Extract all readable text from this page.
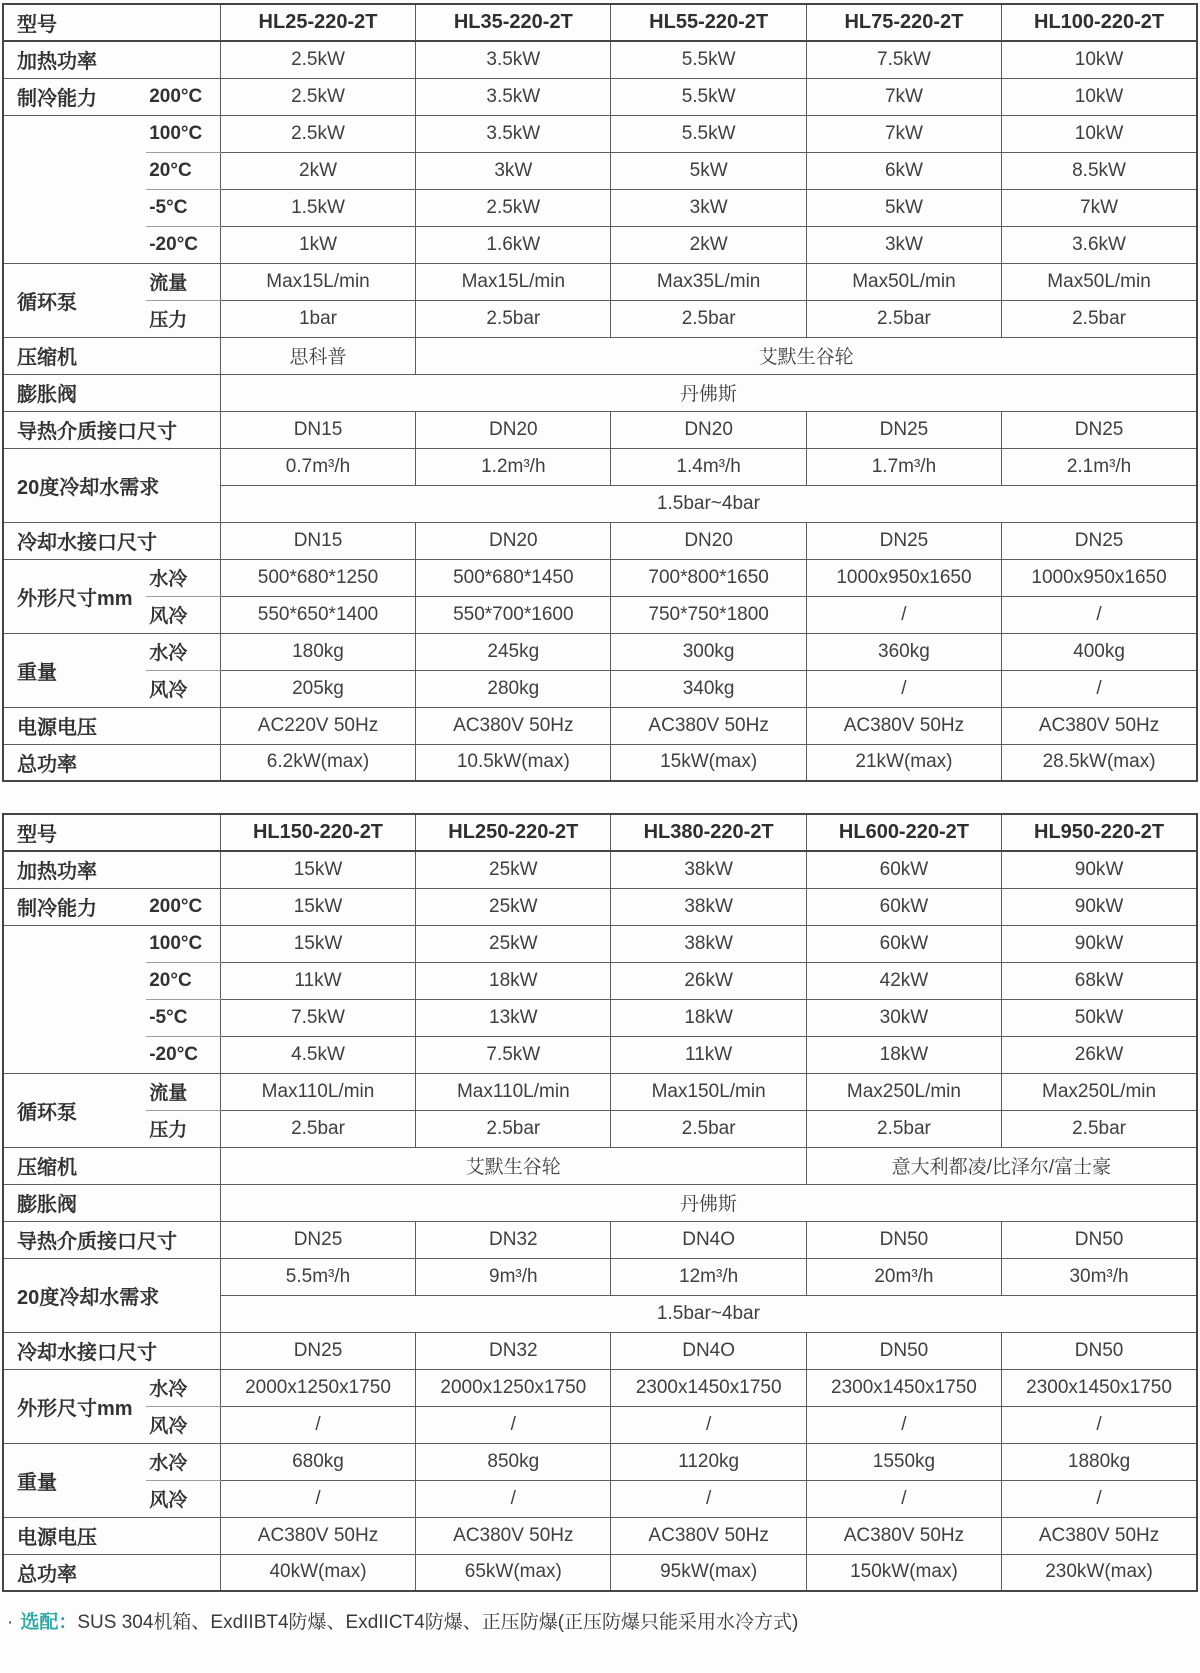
型号		HL25-220-2T	HL35-220-2T	HL55-220-2T	HL75-220-2T	HL100-220-2T
加热功率		2.5kW	3.5kW	5.5kW	7.5kW	10kW
制冷能力	200°C	2.5kW	3.5kW	5.5kW	7kW	10kW
	100°C	2.5kW	3.5kW	5.5kW	7kW	10kW
	20°C	2kW	3kW	5kW	6kW	8.5kW
	-5°C	1.5kW	2.5kW	3kW	5kW	7kW
	-20°C	1kW	1.6kW	2kW	3kW	3.6kW
循环泵	流量	Max15L/min	Max15L/min	Max35L/min	Max50L/min	Max50L/min
	压力	1bar	2.5bar	2.5bar	2.5bar	2.5bar
压缩机		思科普	艾默生谷轮			
膨胀阀		丹佛斯				
导热介质接口尺寸		DN15	DN20	DN20	DN25	DN25
20度冷却水需求		0.7m³/h	1.2m³/h	1.4m³/h	1.7m³/h	2.1m³/h
		1.5bar~4bar				
冷却水接口尺寸		DN15	DN20	DN20	DN25	DN25
外形尺寸mm	水冷	500*680*1250	500*680*1450	700*800*1650	1000x950x1650	1000x950x1650
	风冷	550*650*1400	550*700*1600	750*750*1800	/	/
重量	水冷	180kg	245kg	300kg	360kg	400kg
	风冷	205kg	280kg	340kg	/	/
电源电压		AC220V 50Hz	AC380V 50Hz	AC380V 50Hz	AC380V 50Hz	AC380V 50Hz
总功率		6.2kW(max)	10.5kW(max)	15kW(max)	21kW(max)	28.5kW(max)
型号		HL150-220-2T	HL250-220-2T	HL380-220-2T	HL600-220-2T	HL950-220-2T
加热功率		15kW	25kW	38kW	60kW	90kW
制冷能力	200°C	15kW	25kW	38kW	60kW	90kW
	100°C	15kW	25kW	38kW	60kW	90kW
	20°C	11kW	18kW	26kW	42kW	68kW
	-5°C	7.5kW	13kW	18kW	30kW	50kW
	-20°C	4.5kW	7.5kW	11kW	18kW	26kW
循环泵	流量	Max110L/min	Max110L/min	Max150L/min	Max250L/min	Max250L/min
	压力	2.5bar	2.5bar	2.5bar	2.5bar	2.5bar
压缩机		艾默生谷轮			意大利都凌/比泽尔/富士豪	
膨胀阀		丹佛斯				
导热介质接口尺寸		DN25	DN32	DN4O	DN50	DN50
20度冷却水需求		5.5m³/h	9m³/h	12m³/h	20m³/h	30m³/h
		1.5bar~4bar				
冷却水接口尺寸		DN25	DN32	DN4O	DN50	DN50
外形尺寸mm	水冷	2000x1250x1750	2000x1250x1750	2300x1450x1750	2300x1450x1750	2300x1450x1750
	风冷	/	/	/	/	/
重量	水冷	680kg	850kg	1120kg	1550kg	1880kg
	风冷	/	/	/	/	/
电源电压		AC380V 50Hz	AC380V 50Hz	AC380V 50Hz	AC380V 50Hz	AC380V 50Hz
总功率		40kW(max)	65kW(max)	95kW(max)	150kW(max)	230kW(max)
· 选配：SUS 304机箱、ExdIIBT4防爆、ExdIICT4防爆、正压防爆(正压防爆只能采用水冷方式)
